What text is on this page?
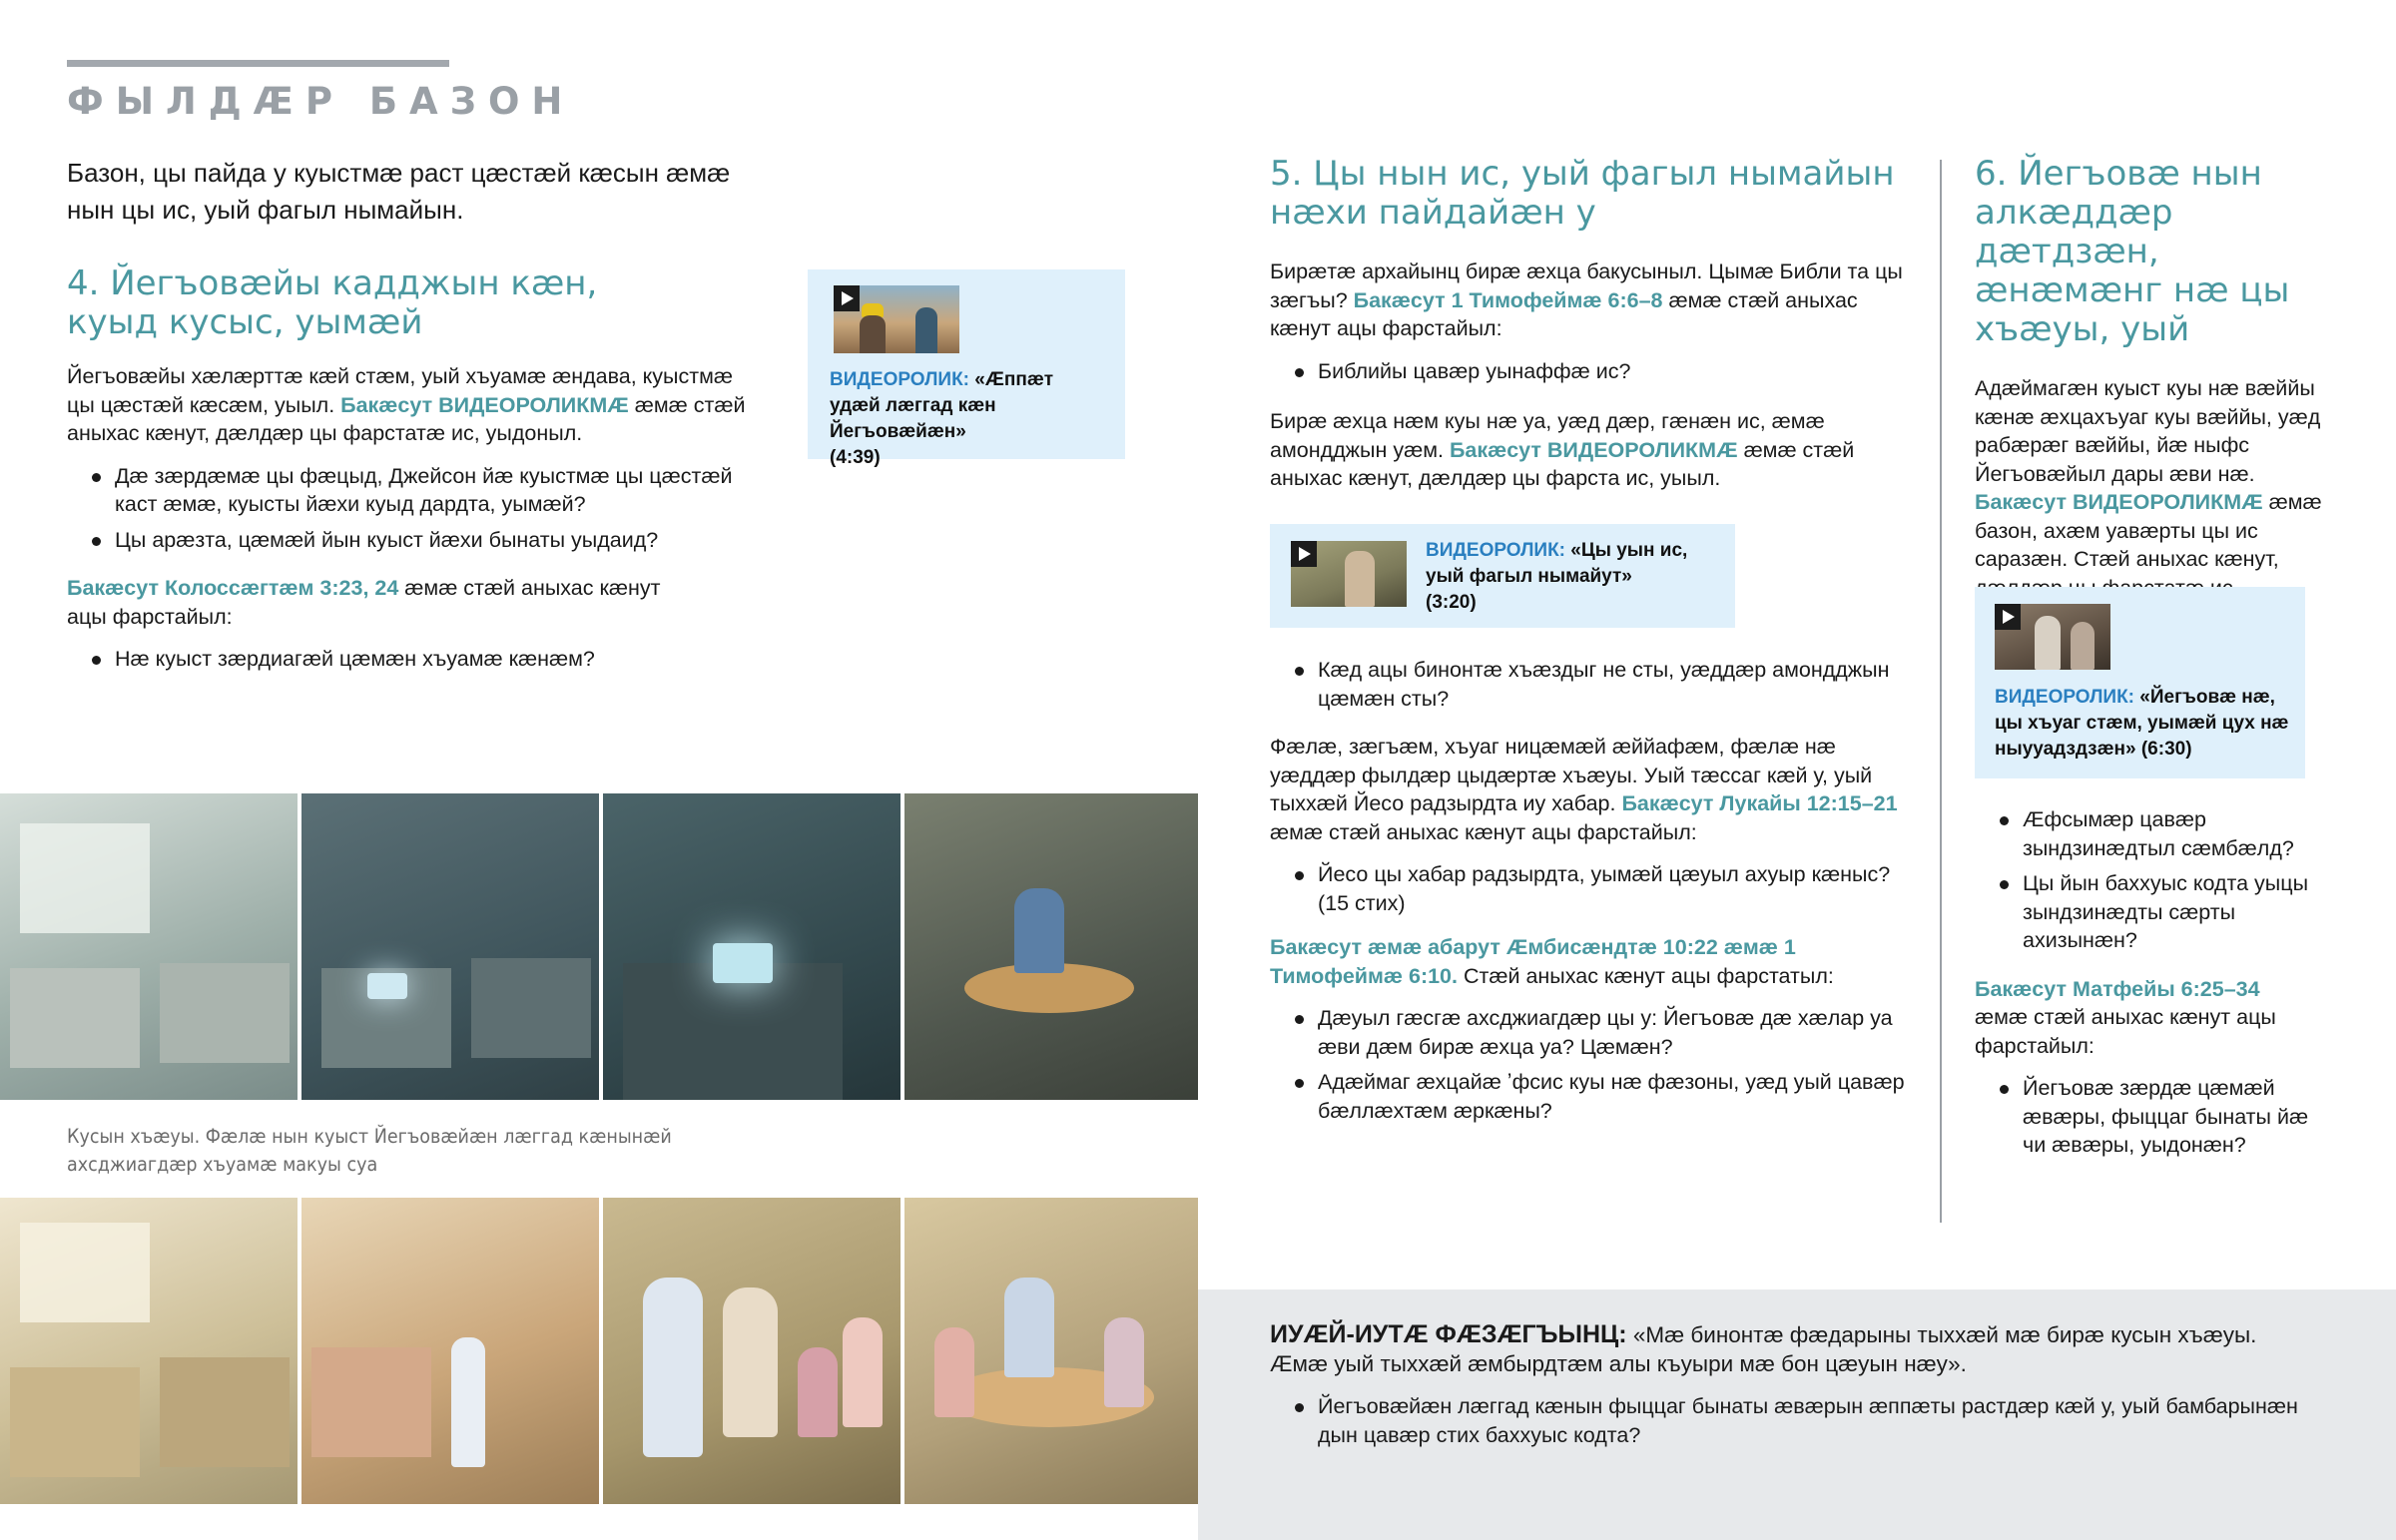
ФЫЛДÆР БАЗОН
Базон, цы пайда у куыстмæ раст цæстæй кæсын æмæ нын цы ис, уый фагыл нымайын.
4. Йегъовæйы кадджын кæн, куыд кусыс, уымæй

Йегъовæйы хæлæрттæ кæй стæм, уый хъуамæ æндава, куыстмæ цы цæстæй кæсæм, уыыл. Бакæсут ВИДЕОРОЛИКМÆ æмæ стæй аныхас кæнут, дæлдæр цы фарстатæ ис, уыдоныл.

Дæ зæрдæмæ цы фæцыд, Джейсон йæ куыстмæ цы цæстæй каст æмæ, куысты йæхи куыд дардта, уымæй?
Цы арæзта, цæмæй йын куыст йæхи бынаты уыдаид?

Бакæсут Колоссæгтæм 3:23, 24 æмæ стæй аныхас кæнут ацы фарстайыл:

Нæ куыст зæрдиагæй цæмæн хъуамæ кæнæм?
ВИДЕОРОЛИК: «Æппæт удæй лæггад кæн Йегъовæйæн»
(4:39)
Кусын хъæуы. Фæлæ нын куыст Йегъовæйæн лæггад кæнынæй ахсджиагдæр хъуамæ макуы суа
5. Цы нын ис, уый фагыл нымайын нæхи пайдайæн у

Бирæтæ архайынц бирæ æхца бакусыныл. Цымæ Библи та цы зæгъы? Бакæсут 1 Тимофеймæ 6:6–8 æмæ стæй аныхас кæнут ацы фарстайыл:

Библийы цавæр уынаффæ ис?

Бирæ æхца нæм куы нæ уа, уæд дæр, гæнæн ис, æмæ амондджын уæм. Бакæсут ВИДЕОРОЛИКМÆ æмæ стæй аныхас кæнут, дæлдæр цы фарста ис, уыыл.

ВИДЕОРОЛИК: «Цы уын ис, уый фагыл нымайут»
(3:20)
Кæд ацы бинонтæ хъæздыг не сты, уæддæр амондджын цæмæн сты?

Фæлæ, зæгъæм, хъуаг ницæмæй æййафæм, фæлæ нæ уæддæр фылдæр цыдæртæ хъæуы. Уый тæссаг кæй у, уый тыххæй Йесо радзырдта иу хабар. Бакæсут Лукайы 12:15–21 æмæ стæй аныхас кæнут ацы фарстайыл:

Йесо цы хабар радзырдта, уымæй цæуыл ахуыр кæныс? (15 стих)

Бакæсут æмæ абарут Æмбисæндтæ 10:22 æмæ 1 Тимофеймæ 6:10. Стæй аныхас кæнут ацы фарстатыл:

Дæуыл гæсгæ ахсджиагдæр цы у: Йегъовæ дæ хæлар уа æви дæм бирæ æхца уа? Цæмæн?
Адæймаг æхцайæ ʼфсис куы нæ фæзоны, уæд уый цавæр бæллæхтæм æркæны?
6. Йегъовæ нын алкæддæр дæтдзæн, æнæмæнг нæ цы хъæуы, уый

Адæймагæн куыст куы нæ вæййы кæнæ æхцахъуаг куы вæййы, уæд рабæрæг вæййы, йæ ныфс Йегъовæйыл дары æви нæ. Бакæсут ВИДЕОРОЛИКМÆ æмæ базон, ахæм уавæрты цы ис саразæн. Стæй аныхас кæнут,

ВИДЕОРОЛИК: «Йегъовæ нæ, цы хъуаг стæм, уымæй цух нæ ныууадздзæн» (6:30)
Æфсымæр цавæр зындзинæдтыл сæмбæлд?
Цы йын баххуыс кодта уыцы зындзинæдты сæрты ахизынæн?

Бакæсут Матфейы 6:25–34 æмæ стæй аныхас кæнут ацы фарстайыл:

Йегъовæ зæрдæ цæмæй æвæры, фыццаг бынаты йæ чи æвæры, уыдонæн?

ИУÆЙ-ИУТÆ ФÆЗÆГЪЫНЦ: «Мæ бинонтæ фæдарыны тыххæй мæ бирæ кусын хъæуы. Æмæ уый тыххæй æмбырдтæм алы къуыри мæ бон цæуын нæу».

Йегъовæйæн лæггад кæнын фыццаг бынаты æвæрын æппæты растдæр кæй у, уый бамбарынæн дын цавæр стих баххуыс кодта?
